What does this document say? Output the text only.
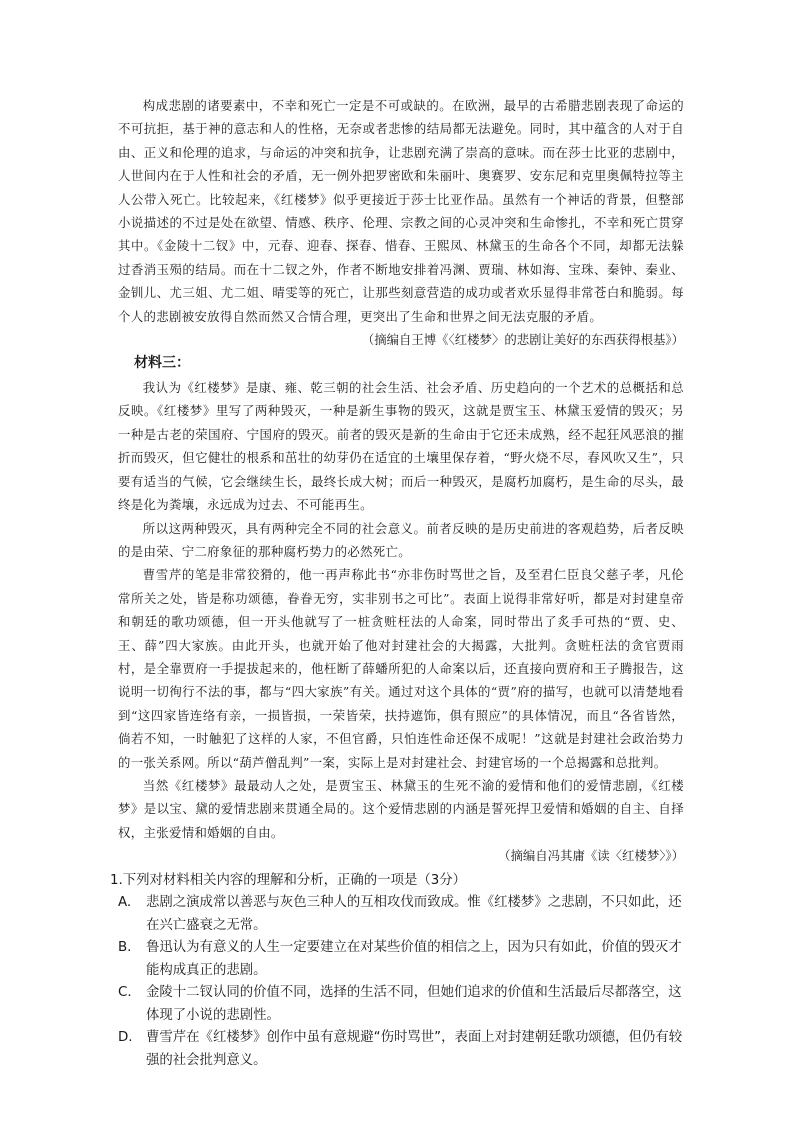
构成悲剧的诸要素中，不幸和死亡一定是不可或缺的。在欧洲，最早的古希腊悲剧表现了命运的不可抗拒，基于神的意志和人的性格，无奈或者悲惨的结局都无法避免。同时，其中蕴含的人对于自由、正义和伦理的追求，与命运的冲突和抗争，让悲剧充满了崇高的意味。而在莎士比亚的悲剧中，人世间内在于人性和社会的矛盾，无一例外把罗密欧和朱丽叶、奥赛罗、安东尼和克里奥佩特拉等主人公带入死亡。比较起来，《红楼梦》似乎更接近于莎士比亚作品。虽然有一个神话的背景，但整部小说描述的不过是处在欲望、情感、秩序、伦理、宗教之间的心灵冲突和生命惨扎，不幸和死亡贯穿其中。《金陵十二钗》中，元春、迎春、探春、惜春、王熙凤、林黛玉的生命各个不同，却都无法躲过香消玉殒的结局。而在十二钗之外，作者不断地安排着冯渊、贾瑞、林如海、宝珠、秦钟、秦业、金钏儿、尤三姐、尤二姐、晴雯等的死亡，让那些刻意营造的成功或者欢乐显得非常苍白和脆弱。每个人的悲剧被安放得自然而然又合情合理，更突出了生命和世界之间无法克服的矛盾。

（摘编自王博《〈红楼梦〉的悲剧让美好的东西获得根基》）

材料三：

我认为《红楼梦》是康、雍、乾三朝的社会生活、社会矛盾、历史趋向的一个艺术的总概括和总反映。《红楼梦》里写了两种毁灭，一种是新生事物的毁灭，这就是贾宝玉、林黛玉爱情的毁灭；另一种是古老的荣国府、宁国府的毁灭。前者的毁灭是新的生命由于它还未成熟，经不起狂风恶浪的摧折而毁灭，但它健壮的根系和茁壮的幼芽仍在适宜的土壤里保存着，“野火烧不尽，春风吹又生”，只要有适当的气候，它会继续生长，最终长成大树；而后一种毁灭，是腐朽加腐朽，是生命的尽头，最终是化为粪壤，永远成为过去、不可能再生。

所以这两种毁灭，具有两种完全不同的社会意义。前者反映的是历史前进的客观趋势，后者反映的是由荣、宁二府象征的那种腐朽势力的必然死亡。

曹雪芹的笔是非常狡猾的，他一再声称此书“亦非伤时骂世之旨，及至君仁臣良父慈子孝，凡伦常所关之处，皆是称功颂德，眷眷无穷，实非别书之可比”。表面上说得非常好听，都是对封建皇帝和朝廷的歌功颂德，但一开头他就写了一桩贪赃枉法的人命案，同时带出了炙手可热的“贾、史、王、薛”四大家族。由此开头，也就开始了他对封建社会的大揭露，大批判。贪赃枉法的贪官贾雨村，是全靠贾府一手提拔起来的，他枉断了薛蟠所犯的人命案以后，还直接向贾府和王子腾报告，这说明一切徇行不法的事，都与“四大家族”有关。通过对这个具体的“贾”府的描写，也就可以清楚地看到“这四家皆连络有亲，一损皆损，一荣皆荣，扶持遮饰，俱有照应”的具体情况，而且“各省皆然，倘若不知，一时触犯了这样的人家，不但官爵，只怕连性命还保不成呢！”这就是封建社会政治势力的一张关系网。所以“葫芦僧乱判”一案，实际上是对封建社会、封建官场的一个总揭露和总批判。

当然《红楼梦》最最动人之处，是贾宝玉、林黛玉的生死不渝的爱情和他们的爱情悲剧，《红楼梦》是以宝、黛的爱情悲剧来贯通全局的。这个爱情悲剧的内涵是誓死捍卫爱情和婚姻的自主、自择权，主张爱情和婚姻的自由。

（摘编自冯其庸《读〈红楼梦〉》）

1.下列对材料相关内容的理解和分析，正确的一项是（3分）

A. 悲剧之演成常以善恶与灰色三种人的互相攻伐而致成。惟《红楼梦》之悲剧，不只如此，还在兴亡盛衰之无常。

B. 鲁迅认为有意义的人生一定要建立在对某些价值的相信之上，因为只有如此，价值的毁灭才能构成真正的悲剧。

C. 金陵十二钗认同的价值不同，选择的生活不同，但她们追求的价值和生活最后尽都落空，这体现了小说的悲剧性。

D. 曹雪芹在《红楼梦》创作中虽有意规避“伤时骂世”，表面上对封建朝廷歌功颂德，但仍有较强的社会批判意义。
